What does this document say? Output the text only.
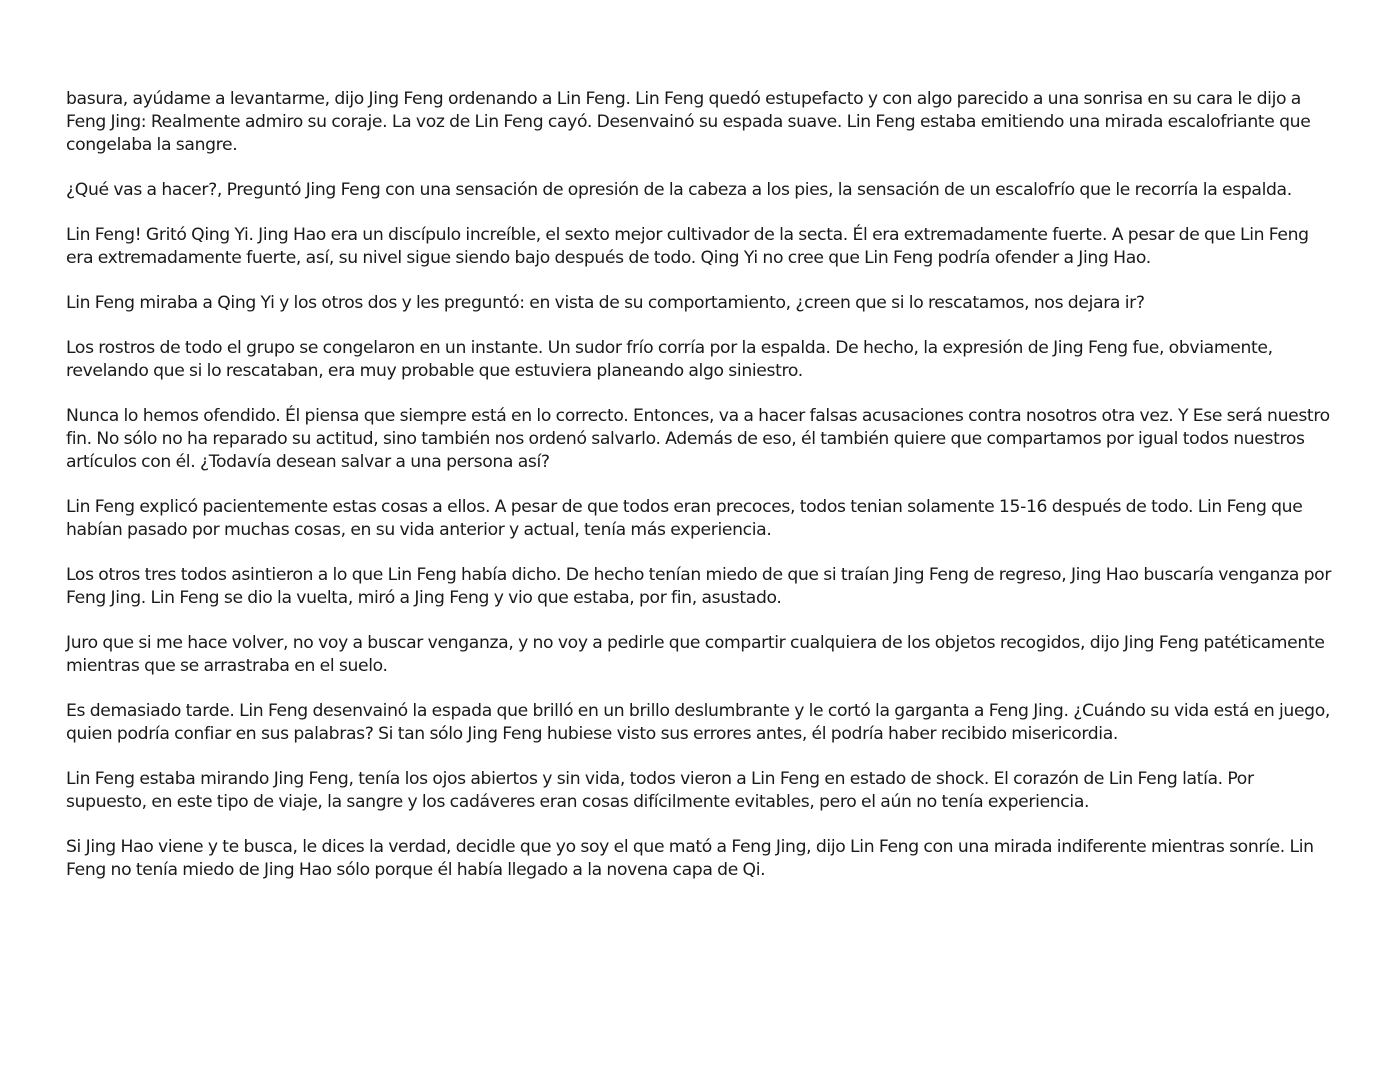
basura, ayúdame a levantarme, dijo Jing Feng ordenando a Lin Feng. Lin Feng quedó estupefacto y con algo parecido a una sonrisa en su cara le dijo a Feng Jing: Realmente admiro su coraje. La voz de Lin Feng cayó. Desenvainó su espada suave. Lin Feng estaba emitiendo una mirada escalofriante que congelaba la sangre.

¿Qué vas a hacer?, Preguntó Jing Feng con una sensación de opresión de la cabeza a los pies, la sensación de un escalofrío que le recorría la espalda.

Lin Feng! Gritó Qing Yi. Jing Hao era un discípulo increíble, el sexto mejor cultivador de la secta. Él era extremadamente fuerte. A pesar de que Lin Feng era extremadamente fuerte, así, su nivel sigue siendo bajo después de todo. Qing Yi no cree que Lin Feng podría ofender a Jing Hao.

Lin Feng miraba a Qing Yi y los otros dos y les preguntó: en vista de su comportamiento, ¿creen que si lo rescatamos, nos dejara ir?

Los rostros de todo el grupo se congelaron en un instante. Un sudor frío corría por la espalda. De hecho, la expresión de Jing Feng fue, obviamente, revelando que si lo rescataban, era muy probable que estuviera planeando algo siniestro.

Nunca lo hemos ofendido. Él piensa que siempre está en lo correcto. Entonces, va a hacer falsas acusaciones contra nosotros otra vez. Y Ese será nuestro fin. No sólo no ha reparado su actitud, sino también nos ordenó salvarlo. Además de eso, él también quiere que compartamos por igual todos nuestros artículos con él. ¿Todavía desean salvar a una persona así?

Lin Feng explicó pacientemente estas cosas a ellos. A pesar de que todos eran precoces, todos tenian solamente 15-16 después de todo. Lin Feng que habían pasado por muchas cosas, en su vida anterior y actual, tenía más experiencia.

Los otros tres todos asintieron a lo que Lin Feng había dicho. De hecho tenían miedo de que si traían Jing Feng de regreso, Jing Hao buscaría venganza por Feng Jing. Lin Feng se dio la vuelta, miró a Jing Feng y vio que estaba, por fin, asustado.

Juro que si me hace volver, no voy a buscar venganza, y no voy a pedirle que compartir cualquiera de los objetos recogidos, dijo Jing Feng patéticamente mientras que se arrastraba en el suelo.

Es demasiado tarde. Lin Feng desenvainó la espada que brilló en un brillo deslumbrante y le cortó la garganta a Feng Jing. ¿Cuándo su vida está en juego, quien podría confiar en sus palabras? Si tan sólo Jing Feng hubiese visto sus errores antes, él podría haber recibido misericordia.

Lin Feng estaba mirando Jing Feng, tenía los ojos abiertos y sin vida, todos vieron a Lin Feng en estado de shock. El corazón de Lin Feng latía. Por supuesto, en este tipo de viaje, la sangre y los cadáveres eran cosas difícilmente evitables, pero el aún no tenía experiencia.

Si Jing Hao viene y te busca, le dices la verdad, decidle que yo soy el que mató a Feng Jing, dijo Lin Feng con una mirada indiferente mientras sonríe. Lin Feng no tenía miedo de Jing Hao sólo porque él había llegado a la novena capa de Qi.
